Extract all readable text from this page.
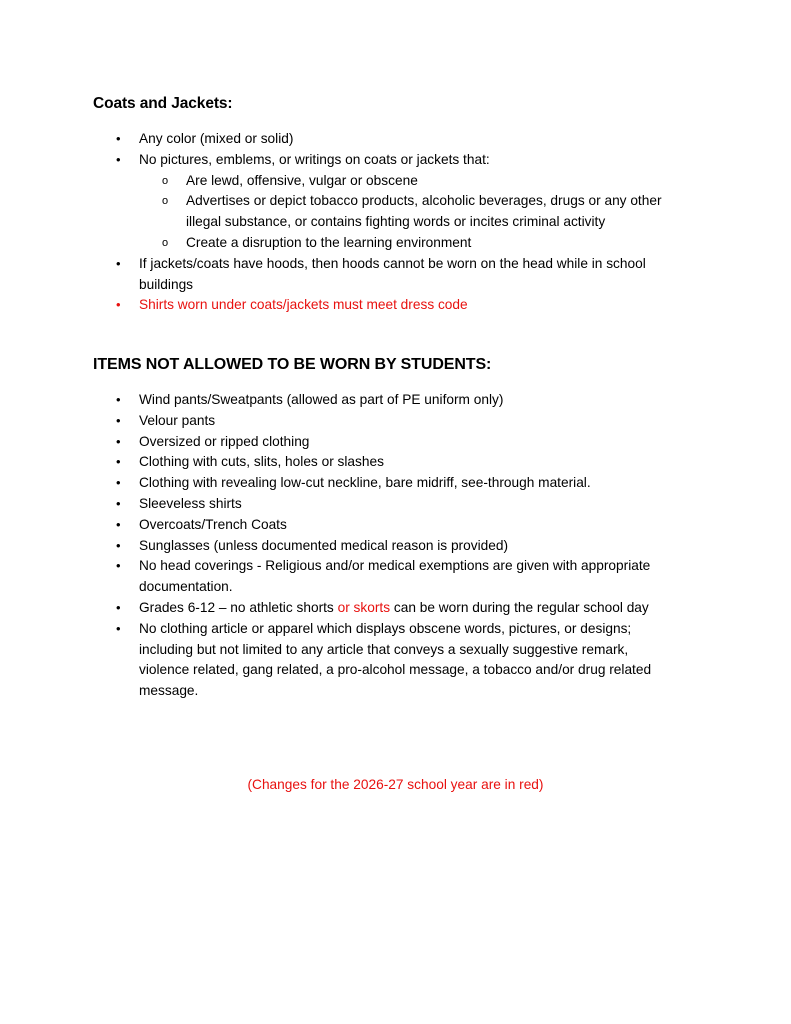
Coats and Jackets:
• Any color (mixed or solid)
• No pictures, emblems, or writings on coats or jackets that:
o Are lewd, offensive, vulgar or obscene
o Advertises or depict tobacco products, alcoholic beverages, drugs or any other illegal substance, or contains fighting words or incites criminal activity
o Create a disruption to the learning environment
• If jackets/coats have hoods, then hoods cannot be worn on the head while in school buildings
• Shirts worn under coats/jackets must meet dress code
ITEMS NOT ALLOWED TO BE WORN BY STUDENTS:
• Wind pants/Sweatpants (allowed as part of PE uniform only)
• Velour pants
• Oversized or ripped clothing
• Clothing with cuts, slits, holes or slashes
• Clothing with revealing low-cut neckline, bare midriff, see-through material.
• Sleeveless shirts
• Overcoats/Trench Coats
• Sunglasses (unless documented medical reason is provided)
• No head coverings - Religious and/or medical exemptions are given with appropriate documentation.
• Grades 6-12 – no athletic shorts or skorts can be worn during the regular school day
• No clothing article or apparel which displays obscene words, pictures, or designs; including but not limited to any article that conveys a sexually suggestive remark, violence related, gang related, a pro-alcohol message, a tobacco and/or drug related message.
(Changes for the 2026-27 school year are in red)
